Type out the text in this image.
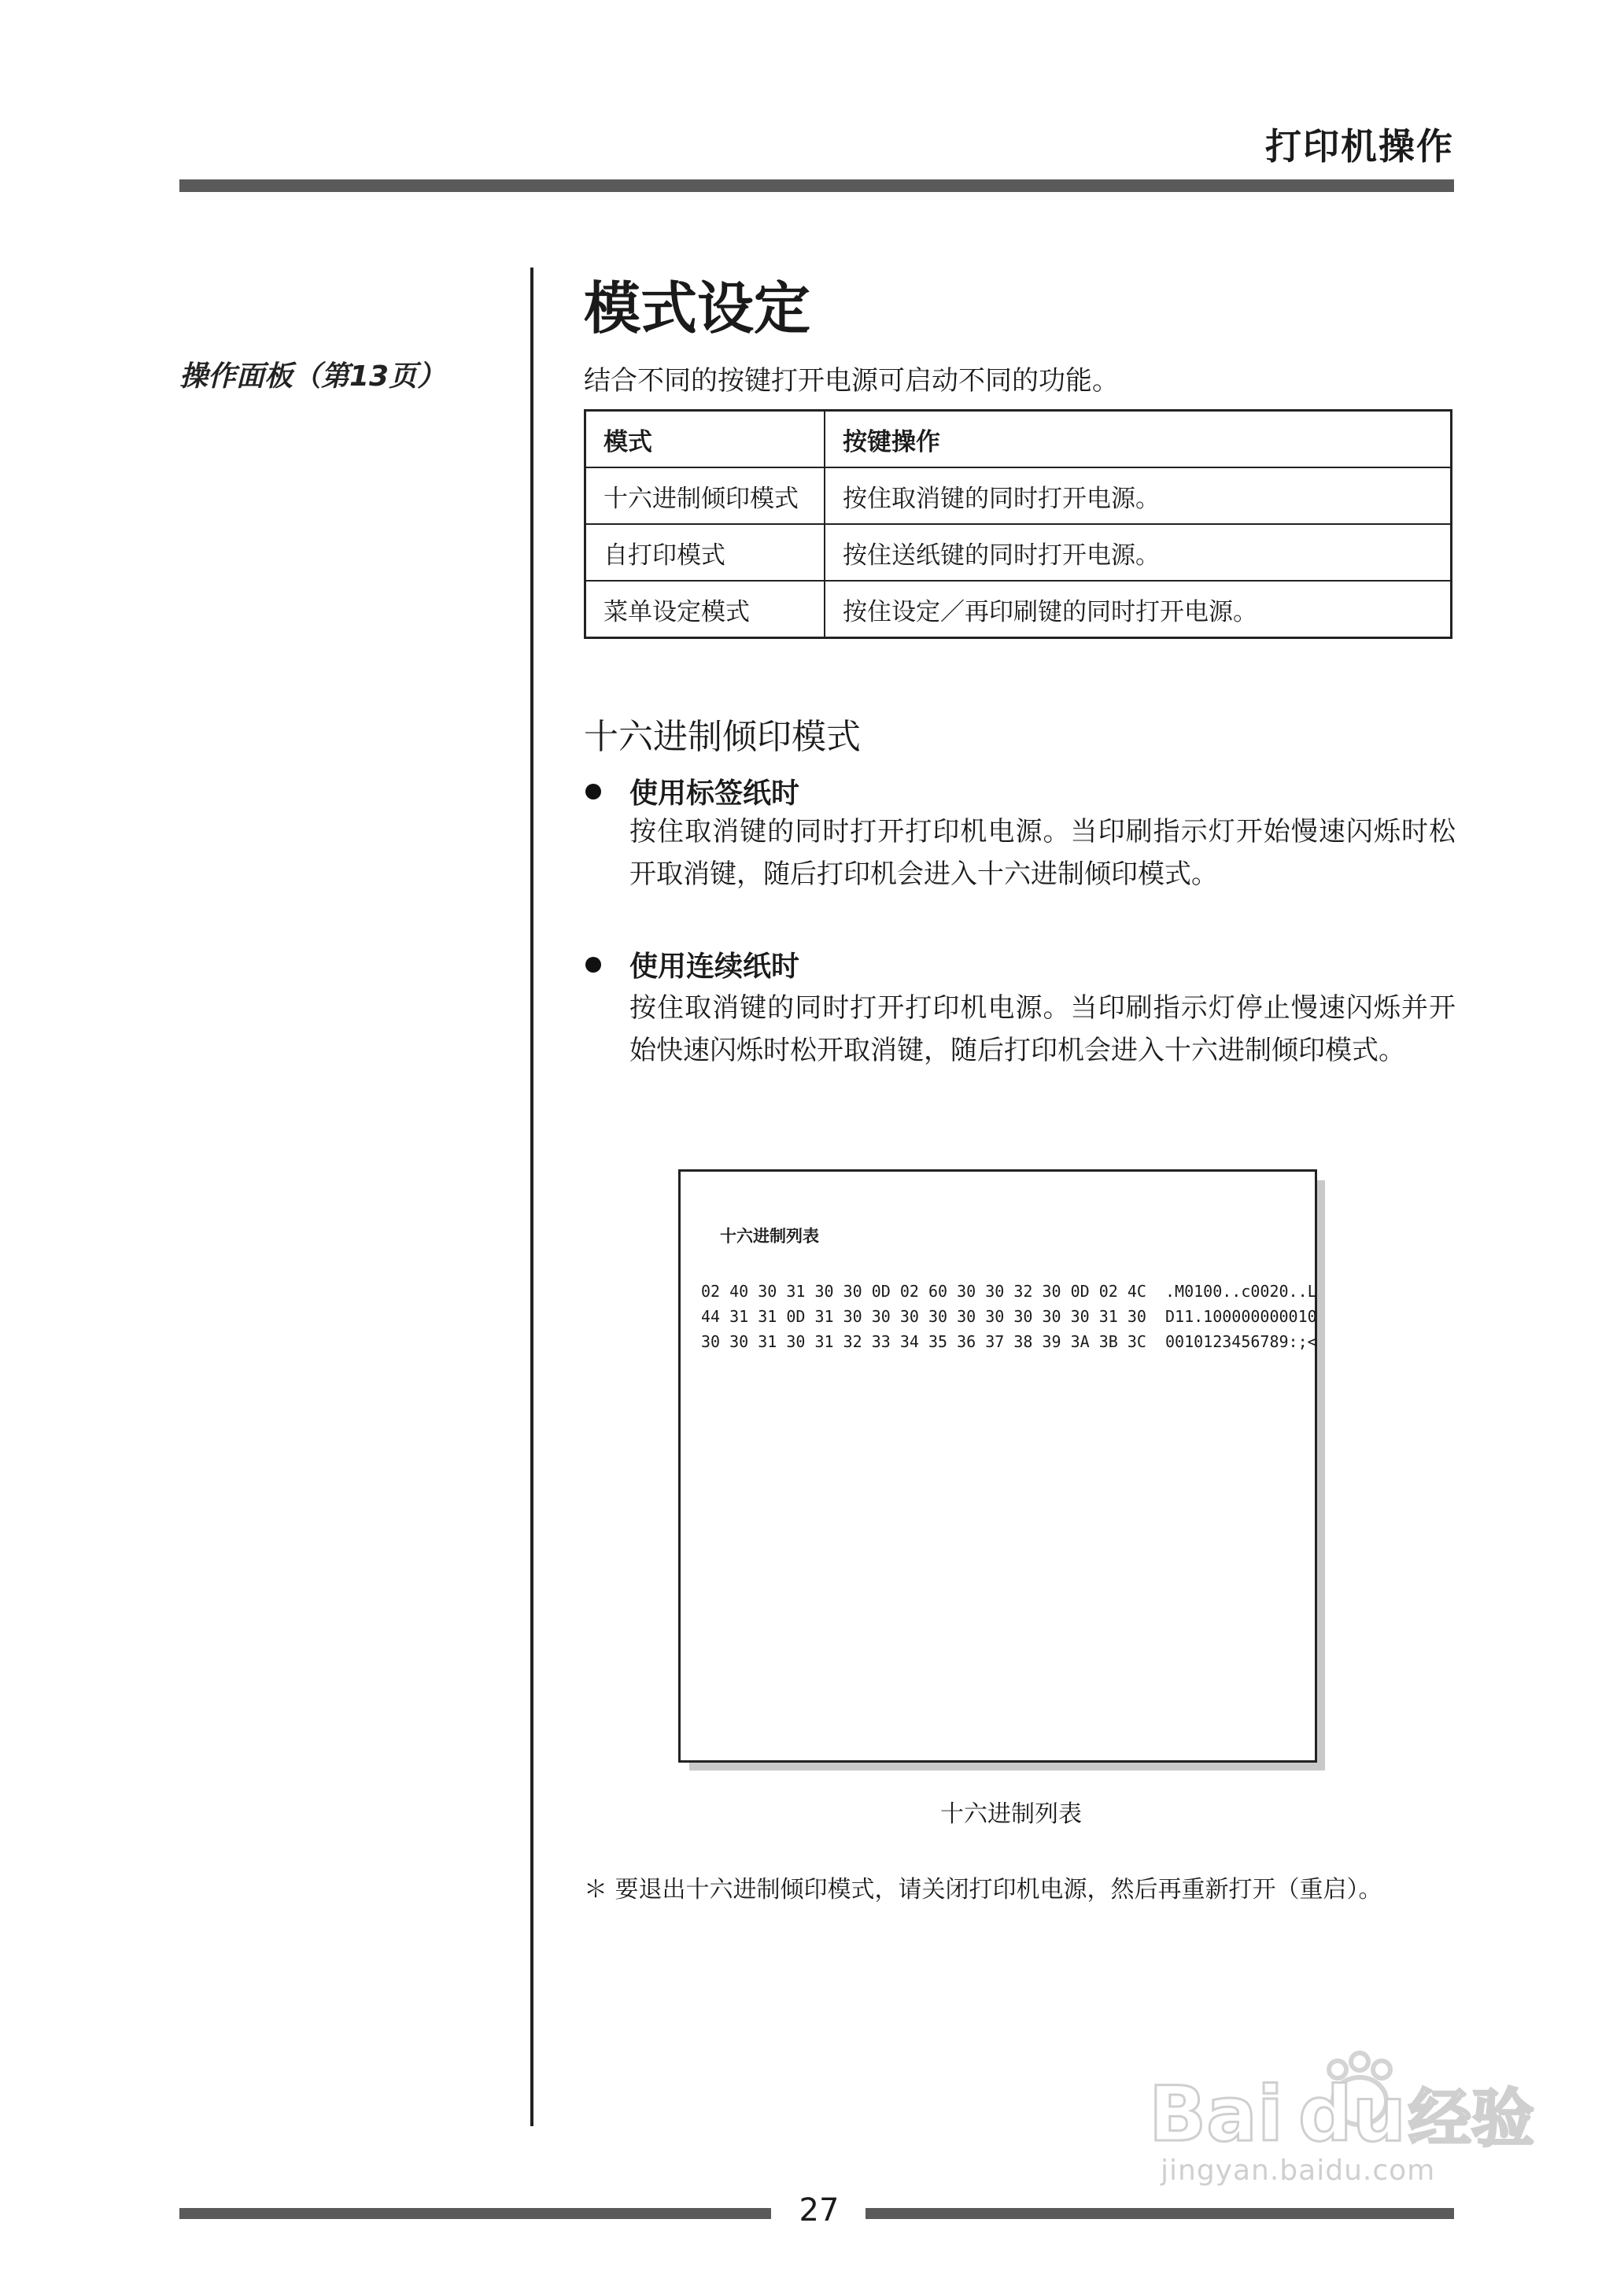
打印机操作
操作面板（第13页）
模式设定
结合不同的按键打开电源可启动不同的功能。
模式	按键操作
十六进制倾印模式	按住取消键的同时打开电源。
自打印模式	按住送纸键的同时打开电源。
菜单设定模式	按住设定／再印刷键的同时打开电源。
十六进制倾印模式
使用标签纸时
按住取消键的同时打开打印机电源。当印刷指示灯开始慢速闪烁时松开取消键，随后打印机会进入十六进制倾印模式。
使用连续纸时
按住取消键的同时打开打印机电源。当印刷指示灯停止慢速闪烁并开始快速闪烁时松开取消键，随后打印机会进入十六进制倾印模式。
十六进制列表
02 40 30 31 30 30 0D 02 60 30 30 32 30 0D 02 4C  .M0100..c0020..L
44 31 31 0D 31 30 30 30 30 30 30 30 30 30 31 30  D11.100000000010
30 30 31 30 31 32 33 34 35 36 37 38 39 3A 3B 3C  0010123456789:;<
十六进制列表
＊ 要退出十六进制倾印模式，请关闭打印机电源，然后再重新打开（重启）。
27
Bai du 经验
jingyan.baidu.com
